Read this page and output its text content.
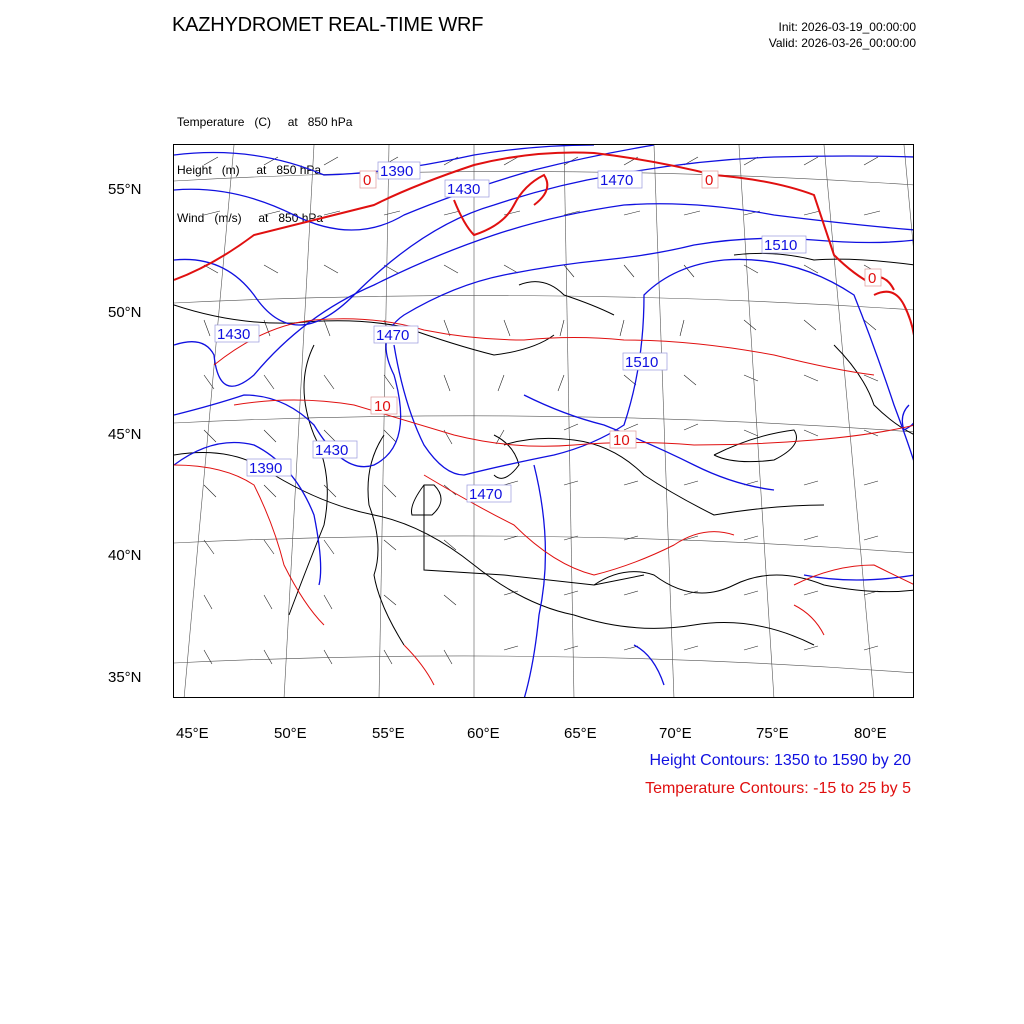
KAZHYDROMET REAL-TIME WRF	Init: 2026-03-19_00:00:00
Valid: 2026-03-26_00:00:00

Temperature   (C)     at   850 hPa

Height   (m)     at   850 hPa

Wind   (m/s)     at   850 hPa

1390
1430
1470
1510
1430	1470
1510
1430
1390
1470
0	0
0
10
10
55°N
50°N
45°N
40°N
35°N
45°E	50°E	55°E	60°E	65°E	70°E	75°E	80°E
Height Contours: 1350 to 1590 by 20
Temperature Contours: -15 to 25 by 5
